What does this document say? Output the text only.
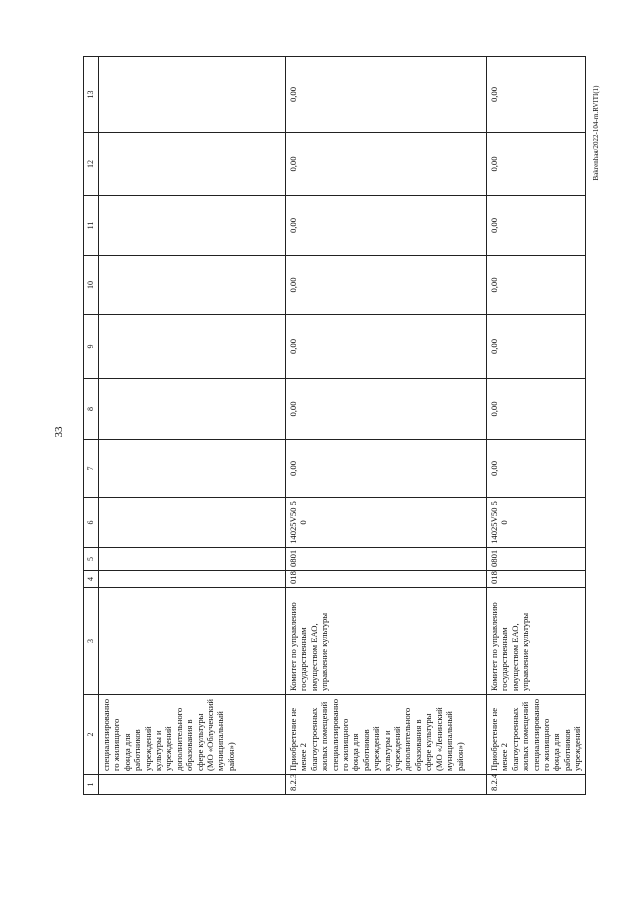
33
Bakrenhaя/2022-104-rn.RVITI(1)
1	2	3	4	5	6	7	8	9	10	11	12	13
	специализированно го жилищного фонда для работников учреждений культуры и учреждений дополнительного образования в сфере культуры (МО «Облученский муниципальный район»)											
8.2.3	Приобретение не менее 2 благоустроенных жилых помещений специализированно го жилищного фонда для работников учреждений культуры и учреждений дополнительного образования в сфере культуры (МО «Ленинский муниципальный район»)	Комитет по управлению государственным имуществом ЕАО, управление культуры	018	0801	14025V50 50	0,00	0,00	0,00	0,00	0,00	0,00	0,00
8.2.4	Приобретение не менее 2 благоустроенных жилых помещений специализированно го жилищного фонда для работников учреждений	Комитет по управлению государственным имуществом ЕАО, управление культуры	018	0801	14025V50 50	0,00	0,00	0,00	0,00	0,00	0,00	0,00
